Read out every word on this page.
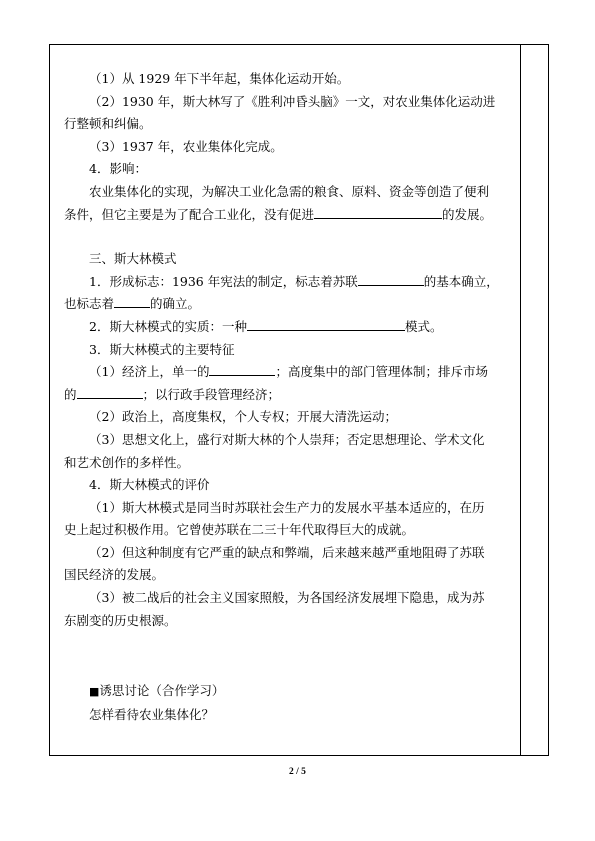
（1）从 1929 年下半年起，集体化运动开始。

（2）1930 年，斯大林写了《胜利冲昏头脑》一文，对农业集体化运动进

行整顿和纠偏。

（3）1937 年，农业集体化完成。

4．影响：

农业集体化的实现，为解决工业化急需的粮食、原料、资金等创造了便利

条件，但它主要是为了配合工业化，没有促进	的发展。

三、斯大林模式

1．形成标志：1936 年宪法的制定，标志着苏联	的基本确立，

也标志着	的确立。

2．斯大林模式的实质：一种	模式。

3．斯大林模式的主要特征

（1）经济上，单一的	；高度集中的部门管理体制；排斥市场

的	；以行政手段管理经济；

（2）政治上，高度集权，个人专权；开展大清洗运动；

（3）思想文化上，盛行对斯大林的个人崇拜；否定思想理论、学术文化

和艺术创作的多样性。

4．斯大林模式的评价

（1）斯大林模式是同当时苏联社会生产力的发展水平基本适应的，在历

史上起过积极作用。它曾使苏联在二三十年代取得巨大的成就。

（2）但这种制度有它严重的缺点和弊端，后来越来越严重地阻碍了苏联

国民经济的发展。

（3）被二战后的社会主义国家照般，为各国经济发展埋下隐患，成为苏

东剧变的历史根源。

■诱思讨论（合作学习）

怎样看待农业集体化？

2 / 5
